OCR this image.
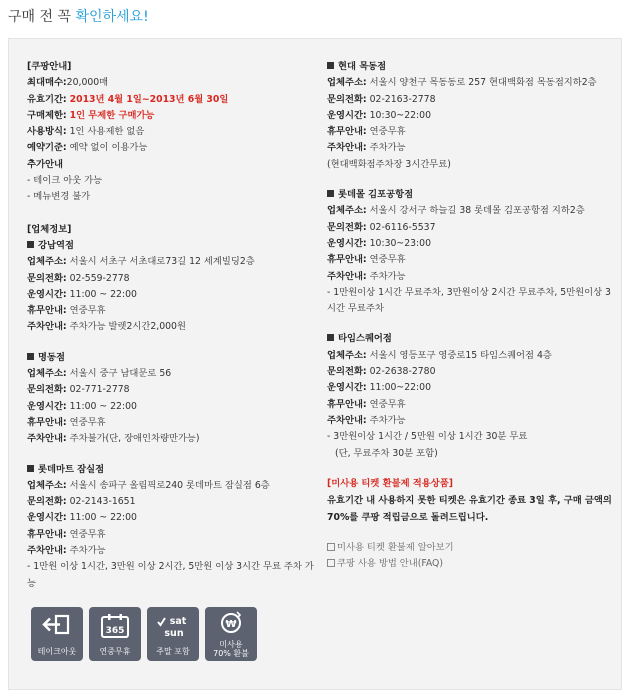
구매 전 꼭 확인하세요!
[쿠팡안내]
최대매수:20,000매
유효기간: 2013년 4월 1일~2013년 6월 30일
구매제한: 1인 무제한 구매가능
사용방식: 1인 사용제한 없음
예약기준: 예약 없이 이용가능
추가안내
- 테이크 아웃 가능
- 메뉴변경 불가
[업체정보]
강남역점
업체주소: 서울시 서초구 서초대로73길 12 세계빌딩2층
문의전화: 02-559-2778
운영시간: 11:00 ~ 22:00
휴무안내: 연중무휴
주차안내: 주차가능 발렛2시간2,000원
명동점
업체주소: 서울시 중구 남대문로 56
문의전화: 02-771-2778
운영시간: 11:00 ~ 22:00
휴무안내: 연중무휴
주차안내: 주차불가(단, 장애인차량만가능)
롯데마트 잠실점
업체주소: 서울시 송파구 올림픽로240 롯데마트 잠실점 6층
문의전화: 02-2143-1651
운영시간: 11:00 ~ 22:00
휴무안내: 연중무휴
주차안내: 주차가능
- 1만원 이상 1시간, 3만원 이상 2시간, 5만원 이상 3시간 무료 주차 가능
현대 목동점
업체주소: 서울시 양천구 목동동로 257 현대백화점 목동점지하2층
문의전화: 02-2163-2778
운영시간: 10:30~22:00
휴무안내: 연중무휴
주차안내: 주차가능
(현대백화점주차장 3시간무료)
롯데몰 김포공항점
업체주소: 서울시 강서구 하늘길 38 롯데몰 김포공항점 지하2층
문의전화: 02-6116-5537
운영시간: 10:30~23:00
휴무안내: 연중무휴
주차안내: 주차가능
- 1만원이상 1시간 무료주차, 3만원이상 2시간 무료주차, 5만원이상 3시간 무료주차
타임스퀘어점
업체주소: 서울시 영등포구 영중로15 타임스퀘어점 4층
문의전화: 02-2638-2780
운영시간: 11:00~22:00
휴무안내: 연중무휴
주차안내: 주차가능
- 3만원이상 1시간 / 5만원 이상 1시간 30분 무료
(단, 무료주차 30분 포함)
[미사용 티켓 환불제 적용상품]
유효기간 내 사용하지 못한 티켓은 유효기간 종료 3일 후, 구매 금액의 70%를 쿠팡 적립금으로 돌려드립니다.
미사용 티켓 환불제 알아보기
쿠팡 사용 방법 안내(FAQ)
테이크아웃
365
연중무휴
sat
sun
주말 포함
₩
미사용 70% 환불
